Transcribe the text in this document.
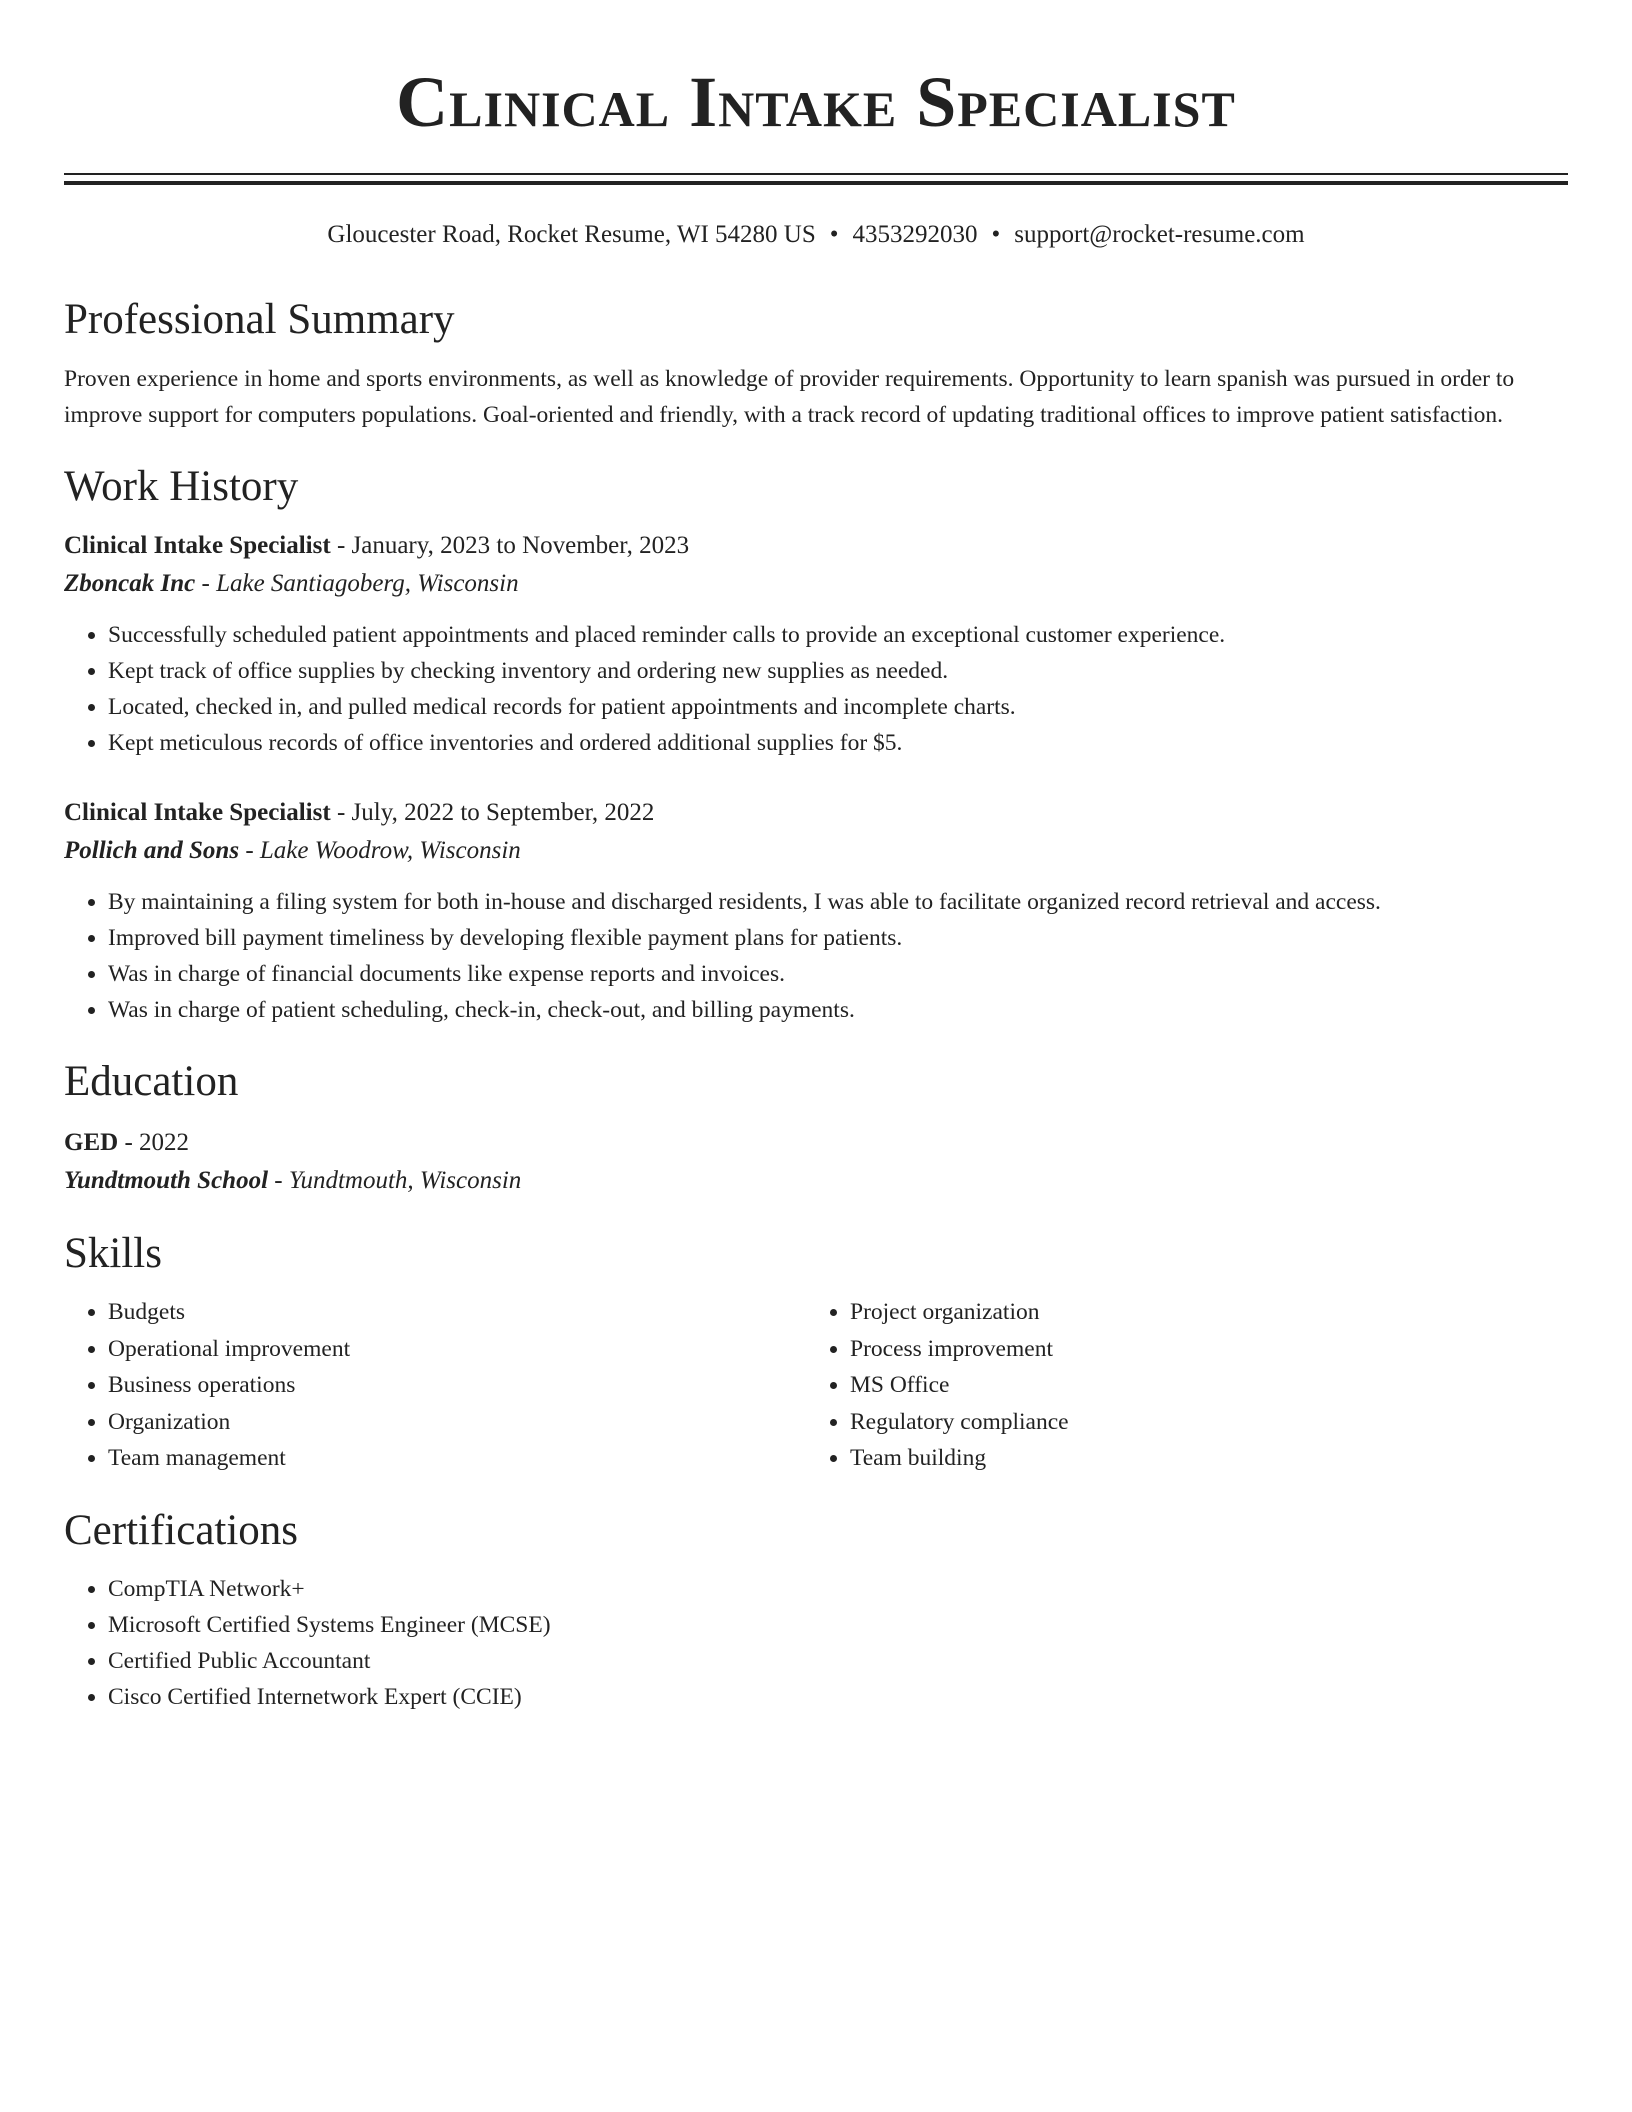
Clinical Intake Specialist
Gloucester Road, Rocket Resume, WI 54280 US • 4353292030 • support@rocket-resume.com
Professional Summary
Proven experience in home and sports environments, as well as knowledge of provider requirements. Opportunity to learn spanish was pursued in order to improve support for computers populations. Goal-oriented and friendly, with a track record of updating traditional offices to improve patient satisfaction.
Work History
Clinical Intake Specialist - January, 2023 to November, 2023
Zboncak Inc - Lake Santiagoberg, Wisconsin
• Successfully scheduled patient appointments and placed reminder calls to provide an exceptional customer experience.
• Kept track of office supplies by checking inventory and ordering new supplies as needed.
• Located, checked in, and pulled medical records for patient appointments and incomplete charts.
• Kept meticulous records of office inventories and ordered additional supplies for $5.
Clinical Intake Specialist - July, 2022 to September, 2022
Pollich and Sons - Lake Woodrow, Wisconsin
• By maintaining a filing system for both in-house and discharged residents, I was able to facilitate organized record retrieval and access.
• Improved bill payment timeliness by developing flexible payment plans for patients.
• Was in charge of financial documents like expense reports and invoices.
• Was in charge of patient scheduling, check-in, check-out, and billing payments.
Education
GED - 2022
Yundtmouth School - Yundtmouth, Wisconsin
Skills
• Budgets
• Operational improvement
• Business operations
• Organization
• Team management
• Project organization
• Process improvement
• MS Office
• Regulatory compliance
• Team building
Certifications
• CompTIA Network+
• Microsoft Certified Systems Engineer (MCSE)
• Certified Public Accountant
• Cisco Certified Internetwork Expert (CCIE)
